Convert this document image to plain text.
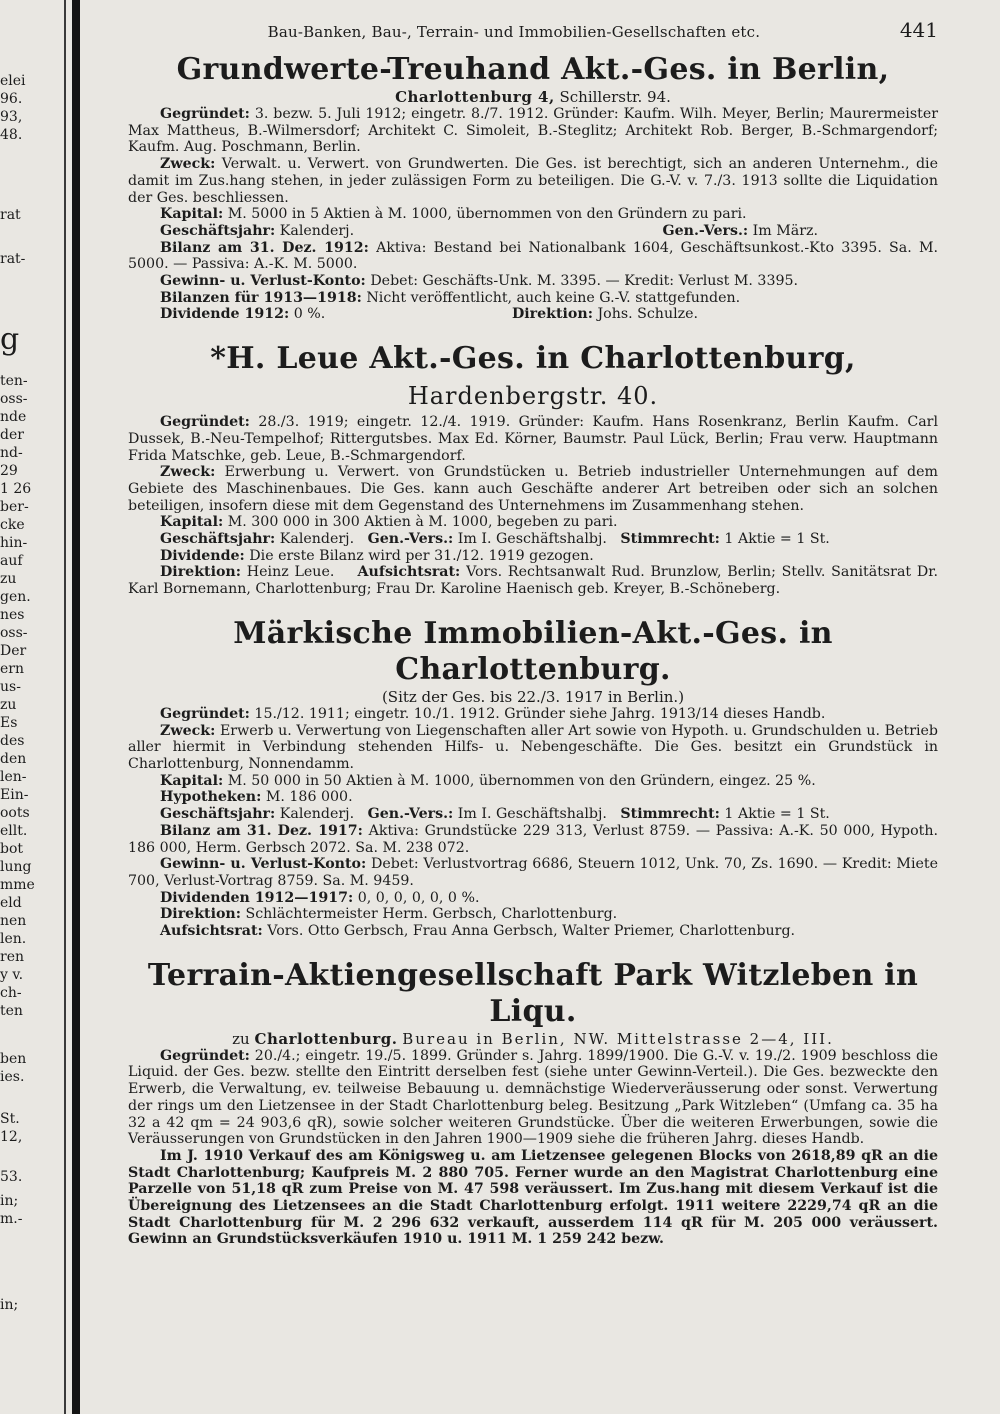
elei
96.
93,
48.
rat
rat-
g
ten-
oss-
nde
der
nd-
29
1 26
ber-
cke
hin-
auf
zu
gen.
nes
oss-
Der
ern
us-
zu
Es
des
den
len-
Ein-
oots
ellt.
bot
lung
mme
eld
nen
len.
ren
y v.
ch-
ten
ben
ies.
St.
12,
53.
in;
m.-
in;
Bau-Banken, Bau-, Terrain- und Immobilien-Gesellschaften etc.	441
Grundwerte-Treuhand Akt.-Ges. in Berlin,
Charlottenburg 4, Schillerstr. 94.

Gegründet: 3. bezw. 5. Juli 1912; eingetr. 8./7. 1912. Gründer: Kaufm. Wilh. Meyer, Berlin; Maurermeister Max Mattheus, B.-Wilmersdorf; Architekt C. Simoleit, B.-Steglitz; Architekt Rob. Berger, B.-Schmargendorf; Kaufm. Aug. Poschmann, Berlin.

Zweck: Verwalt. u. Verwert. von Grundwerten. Die Ges. ist berechtigt, sich an anderen Unternehm., die damit im Zus.hang stehen, in jeder zulässigen Form zu beteiligen. Die G.-V. v. 7./3. 1913 sollte die Liquidation der Ges. beschliessen.

Kapital: M. 5000 in 5 Aktien à M. 1000, übernommen von den Gründern zu pari.

Geschäftsjahr: Kalenderj.	Gen.-Vers.: Im März.

Bilanz am 31. Dez. 1912: Aktiva: Bestand bei Nationalbank 1604, Geschäftsunkost.-Kto 3395. Sa. M. 5000. — Passiva: A.-K. M. 5000.

Gewinn- u. Verlust-Konto: Debet: Geschäfts-Unk. M. 3395. — Kredit: Verlust M. 3395.

Bilanzen für 1913—1918: Nicht veröffentlicht, auch keine G.-V. stattgefunden.

Dividende 1912: 0 %.	Direktion: Johs. Schulze.
*H. Leue Akt.-Ges. in Charlottenburg, Hardenbergstr. 40.

Gegründet: 28./3. 1919; eingetr. 12./4. 1919. Gründer: Kaufm. Hans Rosenkranz, Berlin Kaufm. Carl Dussek, B.-Neu-Tempelhof; Rittergutsbes. Max Ed. Körner, Baumstr. Paul Lück, Berlin; Frau verw. Hauptmann Frida Matschke, geb. Leue, B.-Schmargendorf.

Zweck: Erwerbung u. Verwert. von Grundstücken u. Betrieb industrieller Unternehmungen auf dem Gebiete des Maschinenbaues. Die Ges. kann auch Geschäfte anderer Art betreiben oder sich an solchen beteiligen, insofern diese mit dem Gegenstand des Unternehmens im Zusammenhang stehen.

Kapital: M. 300 000 in 300 Aktien à M. 1000, begeben zu pari.

Geschäftsjahr: Kalenderj. Gen.-Vers.: Im I. Geschäftshalbj. Stimmrecht: 1 Aktie = 1 St.

Dividende: Die erste Bilanz wird per 31./12. 1919 gezogen.

Direktion: Heinz Leue. Aufsichtsrat: Vors. Rechtsanwalt Rud. Brunzlow, Berlin; Stellv. Sanitätsrat Dr. Karl Bornemann, Charlottenburg; Frau Dr. Karoline Haenisch geb. Kreyer, B.-Schöneberg.

Märkische Immobilien-Akt.-Ges. in Charlottenburg.
(Sitz der Ges. bis 22./3. 1917 in Berlin.)

Gegründet: 15./12. 1911; eingetr. 10./1. 1912. Gründer siehe Jahrg. 1913/14 dieses Handb.

Zweck: Erwerb u. Verwertung von Liegenschaften aller Art sowie von Hypoth. u. Grundschulden u. Betrieb aller hiermit in Verbindung stehenden Hilfs- u. Nebengeschäfte. Die Ges. besitzt ein Grundstück in Charlottenburg, Nonnendamm.

Kapital: M. 50 000 in 50 Aktien à M. 1000, übernommen von den Gründern, eingez. 25 %.

Hypotheken: M. 186 000.

Geschäftsjahr: Kalenderj. Gen.-Vers.: Im I. Geschäftshalbj. Stimmrecht: 1 Aktie = 1 St.

Bilanz am 31. Dez. 1917: Aktiva: Grundstücke 229 313, Verlust 8759. — Passiva: A.-K. 50 000, Hypoth. 186 000, Herm. Gerbsch 2072. Sa. M. 238 072.

Gewinn- u. Verlust-Konto: Debet: Verlustvortrag 6686, Steuern 1012, Unk. 70, Zs. 1690. — Kredit: Miete 700, Verlust-Vortrag 8759. Sa. M. 9459.

Dividenden 1912—1917: 0, 0, 0, 0, 0, 0 %.

Direktion: Schlächtermeister Herm. Gerbsch, Charlottenburg.

Aufsichtsrat: Vors. Otto Gerbsch, Frau Anna Gerbsch, Walter Priemer, Charlottenburg.

Terrain-Aktiengesellschaft Park Witzleben in Liqu.
zu Charlottenburg. Bureau in Berlin, NW. Mittelstrasse 2—4, III.

Gegründet: 20./4.; eingetr. 19./5. 1899. Gründer s. Jahrg. 1899/1900. Die G.-V. v. 19./2. 1909 beschloss die Liquid. der Ges. bezw. stellte den Eintritt derselben fest (siehe unter Gewinn-Verteil.). Die Ges. bezweckte den Erwerb, die Verwaltung, ev. teilweise Bebauung u. demnächstige Wiederveräusserung oder sonst. Verwertung der rings um den Lietzensee in der Stadt Charlottenburg beleg. Besitzung „Park Witzleben“ (Umfang ca. 35 ha 32 a 42 qm = 24 903,6 qR), sowie solcher weiteren Grundstücke. Über die weiteren Erwerbungen, sowie die Veräusserungen von Grundstücken in den Jahren 1900—1909 siehe die früheren Jahrg. dieses Handb.

Im J. 1910 Verkauf des am Königsweg u. am Lietzensee gelegenen Blocks von 2618,89 qR an die Stadt Charlottenburg; Kaufpreis M. 2 880 705. Ferner wurde an den Magistrat Charlottenburg eine Parzelle von 51,18 qR zum Preise von M. 47 598 veräussert. Im Zus.hang mit diesem Verkauf ist die Übereignung des Lietzensees an die Stadt Charlottenburg erfolgt. 1911 weitere 2229,74 qR an die Stadt Charlottenburg für M. 2 296 632 verkauft, ausserdem 114 qR für M. 205 000 veräussert. Gewinn an Grundstücksverkäufen 1910 u. 1911 M. 1 259 242 bezw.
